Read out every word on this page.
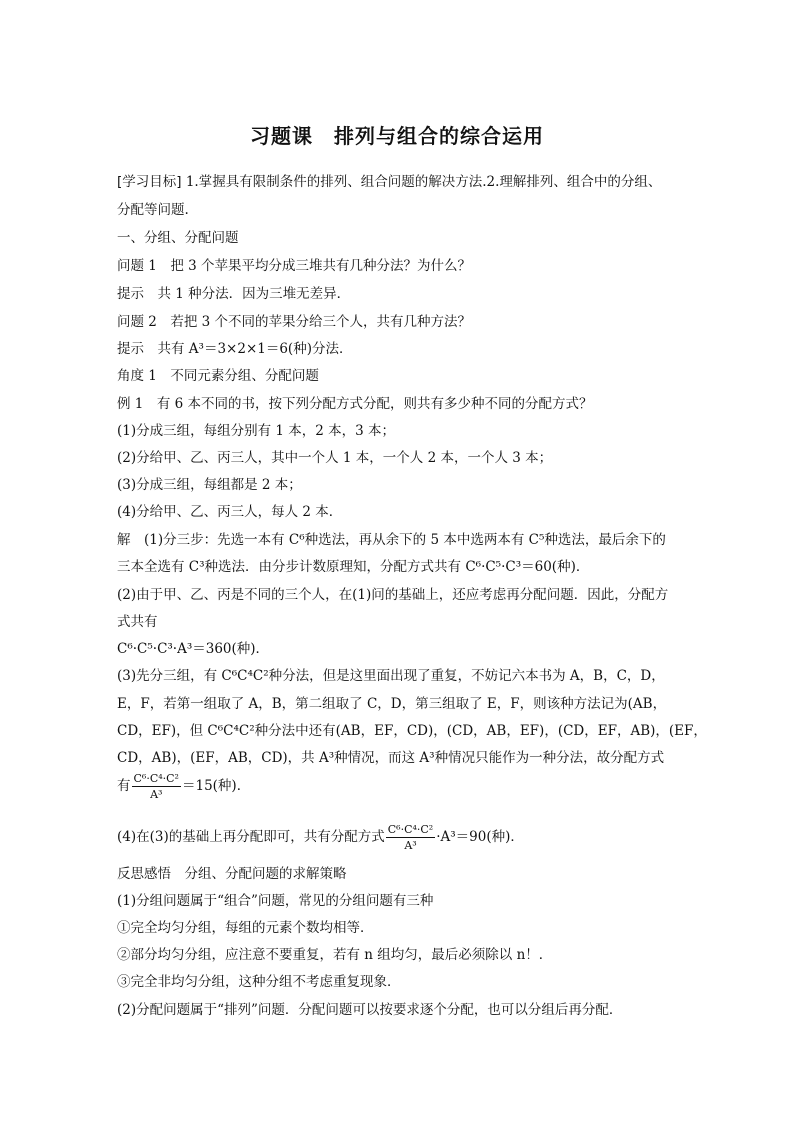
习题课　排列与组合的综合运用
[学习目标] 1.掌握具有限制条件的排列、组合问题的解决方法.2.理解排列、组合中的分组、
分配等问题.
一、分组、分配问题
问题 1　把 3 个苹果平均分成三堆共有几种分法？为什么？
提示　共 1 种分法．因为三堆无差异．
问题 2　若把 3 个不同的苹果分给三个人，共有几种方法？
提示　共有 A³＝3×2×1＝6(种)分法．
角度 1　不同元素分组、分配问题
例 1　有 6 本不同的书，按下列分配方式分配，则共有多少种不同的分配方式？
(1)分成三组，每组分别有 1 本，2 本，3 本；
(2)分给甲、乙、丙三人，其中一个人 1 本，一个人 2 本，一个人 3 本；
(3)分成三组，每组都是 2 本；
(4)分给甲、乙、丙三人，每人 2 本．
解　(1)分三步：先选一本有 C⁶种选法，再从余下的 5 本中选两本有 C⁵种选法，最后余下的
三本全选有 C³种选法．由分步计数原理知，分配方式共有 C⁶·C⁵·C³＝60(种)．
(2)由于甲、乙、丙是不同的三个人，在(1)问的基础上，还应考虑再分配问题．因此，分配方
式共有
C⁶·C⁵·C³·A³＝360(种)．
(3)先分三组，有 C⁶C⁴C²种分法，但是这里面出现了重复，不妨记六本书为 A，B，C，D，
E，F，若第一组取了 A，B，第二组取了 C，D，第三组取了 E，F，则该种方法记为(AB，
CD，EF)，但 C⁶C⁴C²种分法中还有(AB，EF，CD)，(CD，AB，EF)，(CD，EF，AB)，(EF，
CD，AB)，(EF，AB，CD)，共 A³种情况，而这 A³种情况只能作为一种分法，故分配方式
有 $\frac{\text{C⁶·C⁴·C²}}{\text{A³}} =15$(种)．
(4)在(3)的基础上再分配即可，共有分配方式 $\frac{\text{C⁶·C⁴·C²}}{\text{A³}} \cdot A^3=90$(种)．
反思感悟　分组、分配问题的求解策略
(1)分组问题属于“组合”问题，常见的分组问题有三种
①完全均匀分组，每组的元素个数均相等．
②部分均匀分组，应注意不要重复，若有 n 组均匀，最后必须除以 n！．
③完全非均匀分组，这种分组不考虑重复现象．
(2)分配问题属于“排列”问题．分配问题可以按要求逐个分配，也可以分组后再分配．
